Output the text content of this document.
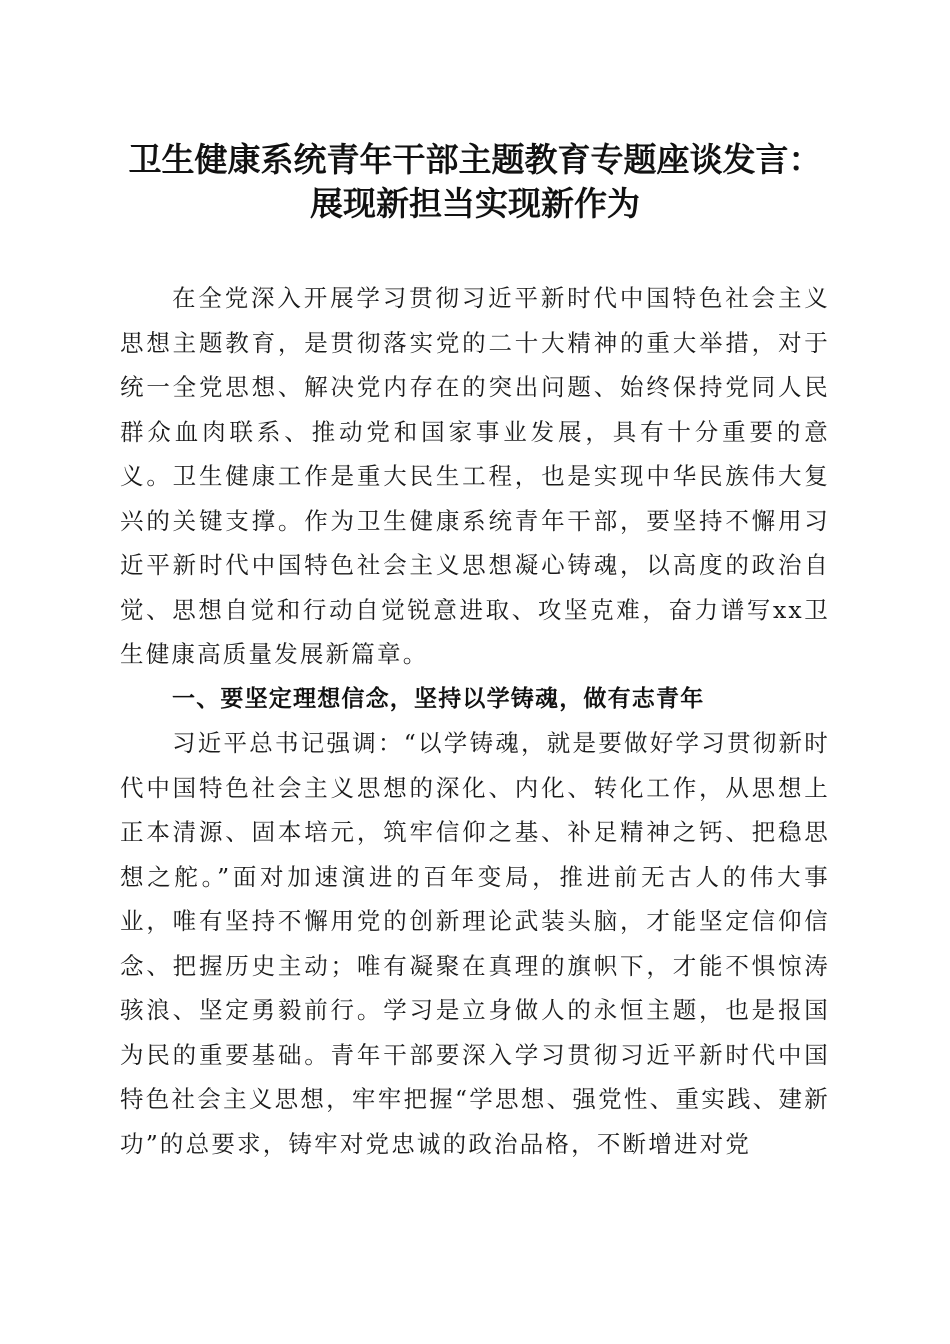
卫生健康系统青年干部主题教育专题座谈发言：
展现新担当实现新作为

在全党深入开展学习贯彻习近平新时代中国特色社会主义思想主题教育，是贯彻落实党的二十大精神的重大举措，对于统一全党思想、解决党内存在的突出问题、始终保持党同人民群众血肉联系、推动党和国家事业发展，具有十分重要的意义。卫生健康工作是重大民生工程，也是实现中华民族伟大复兴的关键支撑。作为卫生健康系统青年干部，要坚持不懈用习近平新时代中国特色社会主义思想凝心铸魂，以高度的政治自觉、思想自觉和行动自觉锐意进取、攻坚克难，奋力谱写xx卫生健康高质量发展新篇章。

一、要坚定理想信念，坚持以学铸魂，做有志青年

习近平总书记强调：“以学铸魂，就是要做好学习贯彻新时代中国特色社会主义思想的深化、内化、转化工作，从思想上正本清源、固本培元，筑牢信仰之基、补足精神之钙、把稳思想之舵。”面对加速演进的百年变局，推进前无古人的伟大事业，唯有坚持不懈用党的创新理论武装头脑，才能坚定信仰信念、把握历史主动；唯有凝聚在真理的旗帜下，才能不惧惊涛骇浪、坚定勇毅前行。学习是立身做人的永恒主题，也是报国为民的重要基础。青年干部要深入学习贯彻习近平新时代中国特色社会主义思想，牢牢把握“学思想、强党性、重实践、建新功”的总要求，铸牢对党忠诚的政治品格，不断增进对党
